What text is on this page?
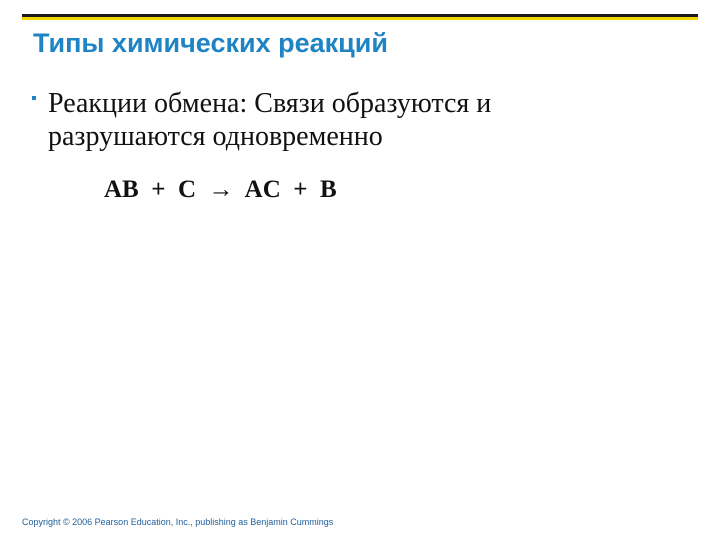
Типы химических реакций
Реакции обмена: Связи образуются и
разрушаются одновременно
AB  +  C  →  AC  +  B
Copyright © 2006 Pearson Education, Inc., publishing as Benjamin Cummings
